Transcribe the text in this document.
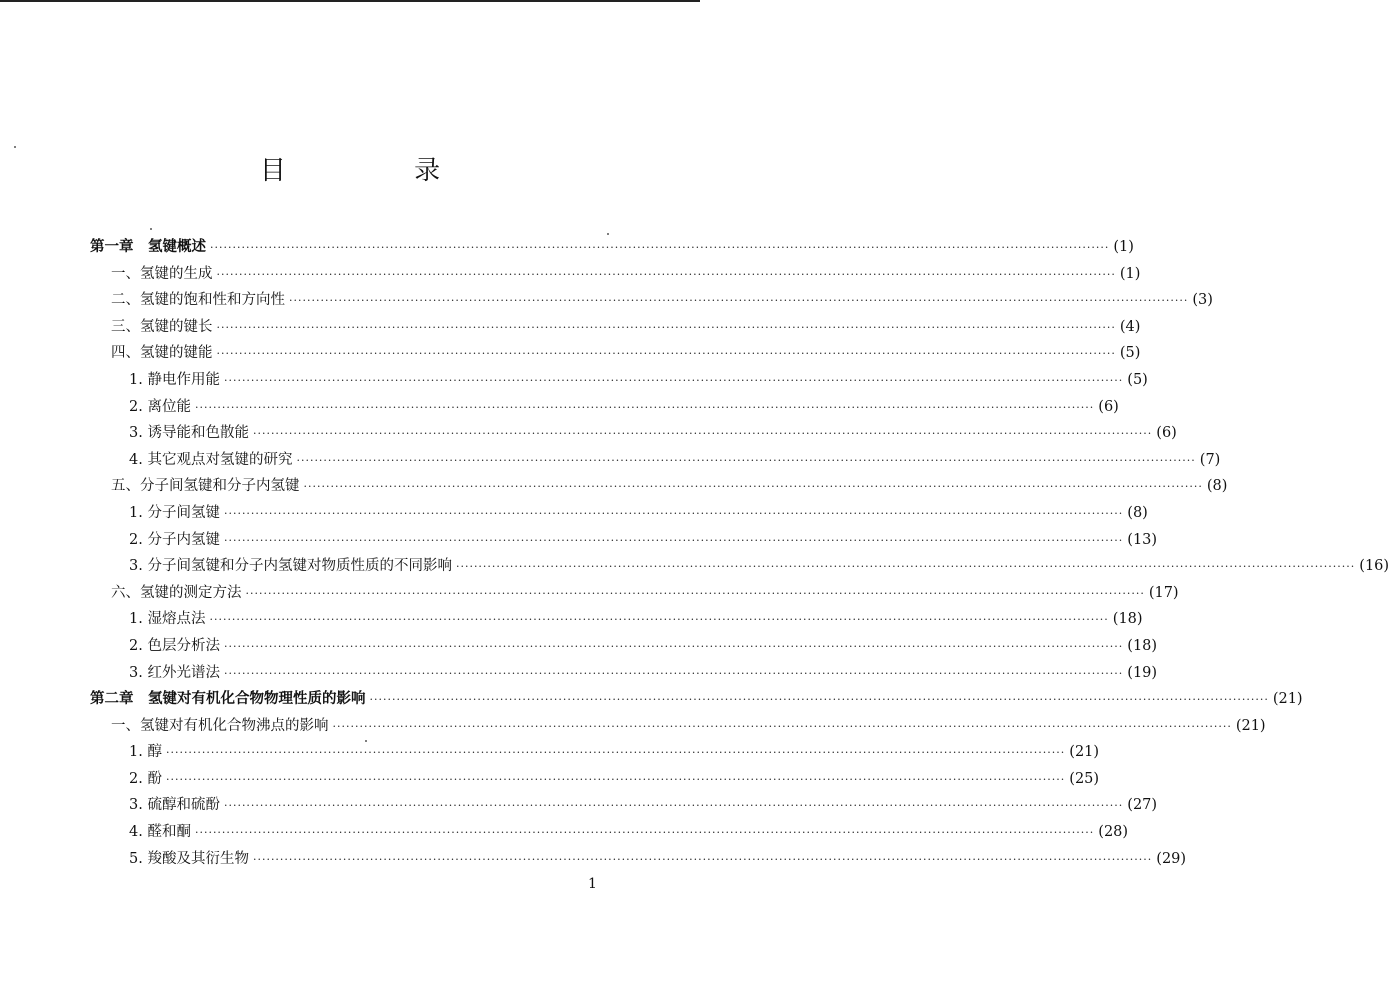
目 录
第一章　氢键概述 ········································································································································································································ (1)
一、氢键的生成 ········································································································································································································ (1)
二、氢键的饱和性和方向性 ········································································································································································································ (3)
三、氢键的键长 ········································································································································································································ (4)
四、氢键的键能 ········································································································································································································ (5)
1. 静电作用能 ········································································································································································································ (5)
2. 离位能 ········································································································································································································ (6)
3. 诱导能和色散能 ········································································································································································································ (6)
4. 其它观点对氢键的研究 ········································································································································································································ (7)
五、分子间氢键和分子内氢键 ········································································································································································································ (8)
1. 分子间氢键 ········································································································································································································ (8)
2. 分子内氢键 ········································································································································································································ (13)
3. 分子间氢键和分子内氢键对物质性质的不同影响 ········································································································································································································ (16)
六、氢键的测定方法 ········································································································································································································ (17)
1. 湿熔点法 ········································································································································································································ (18)
2. 色层分析法 ········································································································································································································ (18)
3. 红外光谱法 ········································································································································································································ (19)
第二章　氢键对有机化合物物理性质的影响 ········································································································································································································ (21)
一、氢键对有机化合物沸点的影响 ········································································································································································································ (21)
1. 醇 ········································································································································································································ (21)
2. 酚 ········································································································································································································ (25)
3. 硫醇和硫酚 ········································································································································································································ (27)
4. 醛和酮 ········································································································································································································ (28)
5. 羧酸及其衍生物 ········································································································································································································ (29)
1
